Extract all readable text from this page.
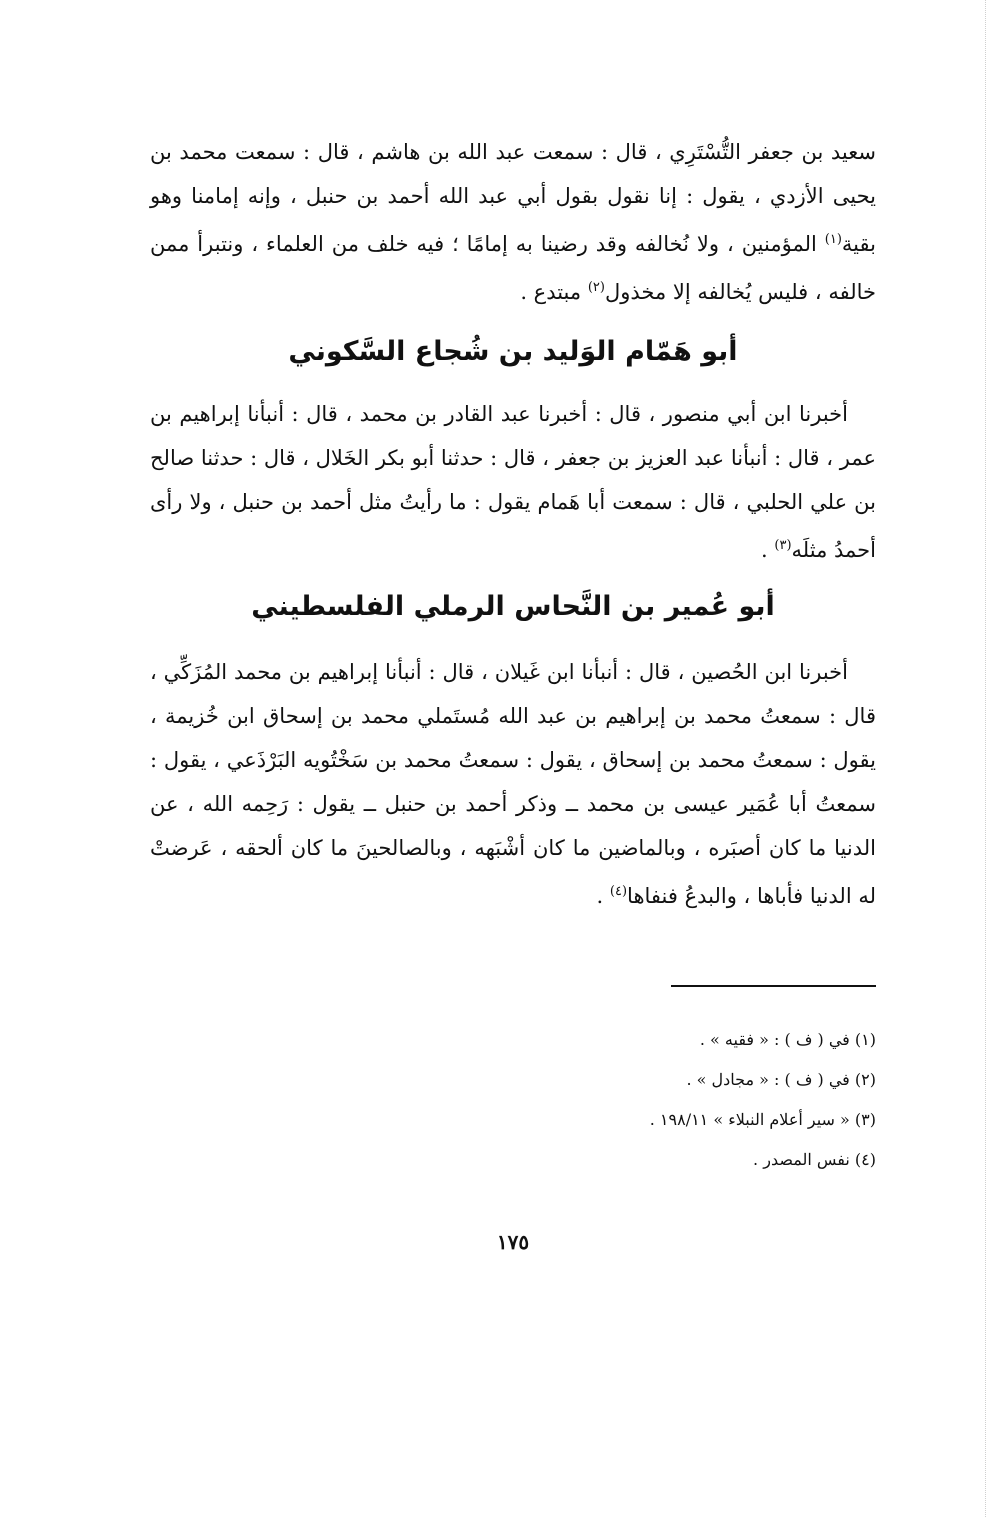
سعيد بن جعفر التُّسْتَرِي ، قال : سمعت عبد الله بن هاشم ، قال : سمعت محمد بن يحيى الأزدي ، يقول : إنا نقول بقول أبي عبد الله أحمد بن حنبل ، وإنه إمامنا وهو بقية$^{(١)}$ المؤمنين ، ولا نُخالفه وقد رضينا به إمامًا ؛ فيه خلف من العلماء ، ونتبرأ ممن خالفه ، فليس يُخالفه إلا مخذول$^{(٢)}$ مبتدع .

أبو هَمّام الوَليد بن شُجاع السَّكوني

أخبرنا ابن أبي منصور ، قال : أخبرنا عبد القادر بن محمد ، قال : أنبأنا إبراهيم بن عمر ، قال : أنبأنا عبد العزيز بن جعفر ، قال : حدثنا أبو بكر الخَلال ، قال : حدثنا صالح بن علي الحلبي ، قال : سمعت أبا هَمام يقول : ما رأيتُ مثل أحمد بن حنبل ، ولا رأى أحمدُ مثلَه$^{(٣)}$ .

أبو عُمير بن النَّحاس الرملي الفلسطيني

أخبرنا ابن الحُصين ، قال : أنبأنا ابن غَيلان ، قال : أنبأنا إبراهيم بن محمد المُزَكِّي ، قال : سمعتُ محمد بن إبراهيم بن عبد الله مُستَملي محمد بن إسحاق ابن خُزيمة ، يقول : سمعتُ محمد بن إسحاق ، يقول : سمعتُ محمد بن سَخْتُويه البَرْذَعي ، يقول : سمعتُ أبا عُمَير عيسى بن محمد ــ وذكر أحمد بن حنبل ــ يقول : رَحِمه الله ، عن الدنيا ما كان أصبَره ، وبالماضين ما كان أشْبَهه ، وبالصالحينَ ما كان ألحقه ، عَرضتْ له الدنيا فأباها ، والبدعُ فنفاها$^{(٤)}$ .

(١) في ( ف ) : « فقيه » .
(٢) في ( ف ) : « مجادل » .
(٣) « سير أعلام النبلاء » ١٩٨/١١ .
(٤) نفس المصدر .
١٧٥
